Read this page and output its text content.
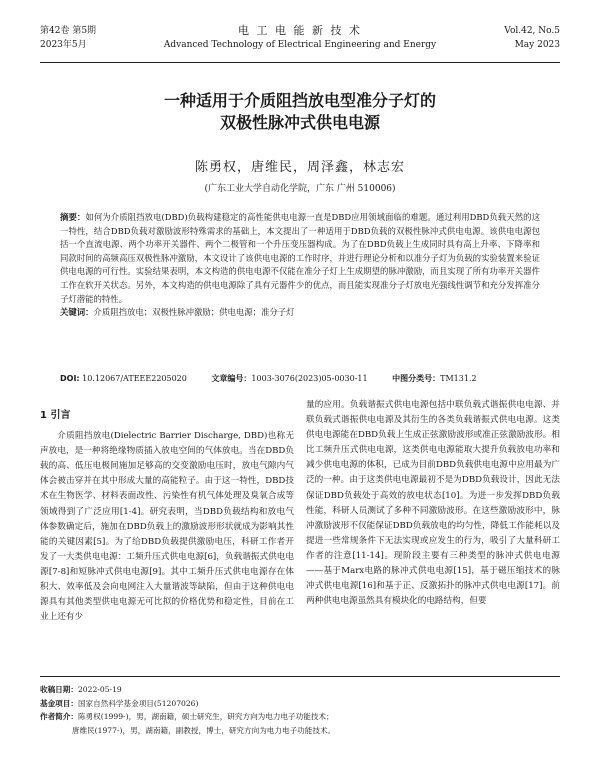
第42卷 第5期
2023年5月
电 工 电 能 新 技 术
Advanced Technology of Electrical Engineering and Energy
Vol.42, No.5
May 2023
一种适用于介质阻挡放电型准分子灯的
双极性脉冲式供电电源
陈勇权，唐维民，周泽鑫，林志宏
(广东工业大学自动化学院，广东 广州 510006)
摘要：如何为介质阻挡放电(DBD)负载构建稳定的高性能供电电源一直是DBD应用领域面临的难题。通过利用DBD负载天然的这一特性，结合DBD负载对激励波形特殊需求的基础上，本文提出了一种适用于DBD负载的双极性脉冲式供电电源。该供电电源包括一个直流电源、两个功率开关器件、两个二极管和一个升压变压器构成。为了在DBD负载上生成同时具有高上升率、下降率和同款时间的高频高压双极性脉冲激励，本文设计了该供电电源的工作时序，并进行理论分析和以准分子灯为负载的实验装置来验证供电电源的可行性。实验结果表明，本文构造的供电电源不仅能在准分子灯上生成期望的脉冲激励，而且实现了所有功率开关器件工作在软开关状态。另外，本文构造的供电电源除了具有元器件少的优点，而且能实现准分子灯放电光强线性调节和充分发挥准分子灯潜能的特性。
关键词：介质阻挡放电；双极性脉冲激励；供电电源；准分子灯
DOI: 10.12067/ATEEE2205020	文章编号：1003-3076(2023)05-0030-11	中图分类号：TM131.2
1 引言

介质阻挡放电(Dielectric Barrier Discharge, DBD)也称无声放电，是一种将绝缘物质插入放电空间的气体放电。当在DBD负载的高、低压电极间施加足够高的交变激励电压时，放电气隙内气体会被击穿并在其中形成大量的高能粒子。由于这一特性，DBD技术在生物医学、材料表面改性、污染性有机气体处理及臭氧合成等领域得到了广泛应用[1-4]。研究表明，当DBD负载结构和放电气体参数确定后，施加在DBD负载上的激励波形形状就成为影响其性能的关键因素[5]。为了给DBD负载提供激励电压，科研工作者开发了一大类供电电源：工频升压式供电电源[6]，负载谐振式供电电源[7-8]和短脉冲式供电电源[9]。其中工频升压式供电电源存在体积大、效率低及会向电网注入大量谐波等缺陷，但由于这种供电电源具有其他类型供电电源无可比拟的价格优势和稳定性，目前在工业上还有少

量的应用。负载谐振式供电电源包括中联负载式谐振供电电源、并联负载式谐振供电电源及其衍生的各类负载谐振式供电电源。这类供电电源能在DBD负载上生成正弦激励波形或准正弦激励波形。相比工频升压式供电电源，这类供电电源能取大提升负载放电功率和减少供电电源的体积，已成为目前DBD负载供电电源中应用最为广泛的一种。由于这类供电电源最初不是为DBD负载设计，因此无法保证DBD负载处于高效的放电状态[10]。为进一步发挥DBD负载性能，科研人员测试了多种不同激励波形。在这些激励波形中，脉冲激励波形不仅能保证DBD负载放电的均匀性，降低工作能耗以及提进一些常规条件下无法实现或应发生的行为，吸引了大量科研工作者的注意[11-14]。现阶段主要有三种类型的脉冲式供电电源——基于Marx电路的脉冲式供电电源[15]，基于磁压缩技术的脉冲式供电电源[16]和基于正、反激拓扑的脉冲式供电电源[17]。前两种供电电源虽然具有模块化的电路结构，但要

收稿日期：2022-05-19
基金项目：国家自然科学基金项目(51207026)
作者简介：陈勇权(1999-)，男，湖南籍，硕士研究生，研究方向为电力电子功能技术；
唐维民(1977-)，男，湖南籍，副教授，博士，研究方向为电力电子功能技术。
